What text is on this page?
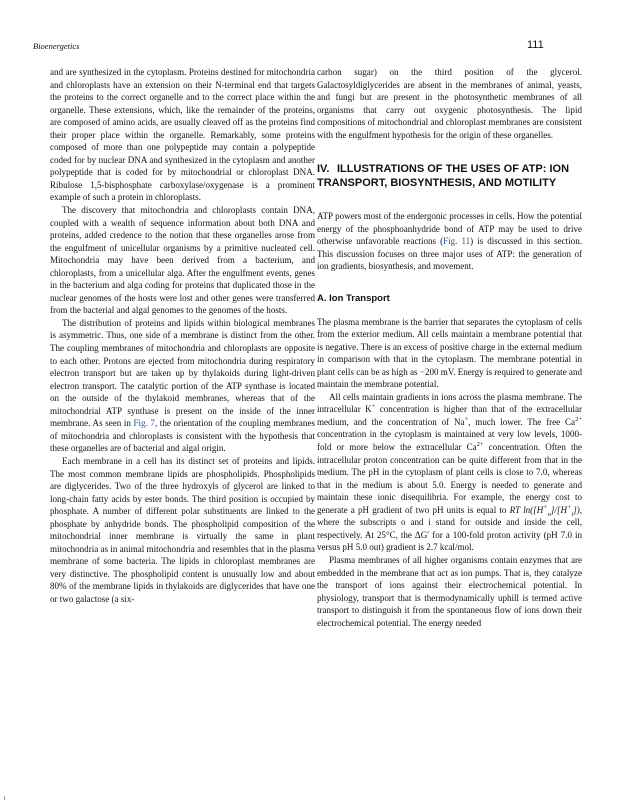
Bioenergetics	111

and are synthesized in the cytoplasm. Proteins destined for mitochondria and chloroplasts have an extension on their N-terminal end that targets the proteins to the correct organelle and to the correct place within the organelle. These extensions, which, like the remainder of the proteins, are composed of amino acids, are usually cleaved off as the proteins find their proper place within the organelle. Remarkably, some proteins composed of more than one polypeptide may contain a polypeptide coded for by nuclear DNA and synthesized in the cytoplasm and another polypeptide that is coded for by mitochondrial or chloroplast DNA. Ribulose 1,5-bisphosphate carboxylase/oxygenase is a prominent example of such a protein in chloroplasts.

The discovery that mitochondria and chloroplasts contain DNA, coupled with a wealth of sequence information about both DNA and proteins, added credence to the notion that these organelles arose from the engulfment of unicellular organisms by a primitive nucleated cell. Mitochondria may have been derived from a bacterium, and chloroplasts, from a unicellular alga. After the engulfment events, genes in the bacterium and alga coding for proteins that duplicated those in the nuclear genomes of the hosts were lost and other genes were transferred from the bacterial and algal genomes to the genomes of the hosts.

The distribution of proteins and lipids within biological membranes is asymmetric. Thus, one side of a membrane is distinct from the other. The coupling membranes of mitochondria and chloroplasts are opposite to each other. Protons are ejected from mitochondria during respiratory electron transport but are taken up by thylakoids during light-driven electron transport. The catalytic portion of the ATP synthase is located on the outside of the thylakoid membranes, whereas that of the mitochondrial ATP synthase is present on the inside of the inner membrane. As seen in Fig. 7, the orientation of the coupling membranes of mitochondria and chloroplasts is consistent with the hypothesis that these organelles are of bacterial and algal origin.

Each membrane in a cell has its distinct set of proteins and lipids. The most common membrane lipids are phospholipids. Phospholipids are diglycerides. Two of the three hydroxyls of glycerol are linked to long-chain fatty acids by ester bonds. The third position is occupied by phosphate. A number of different polar substituents are linked to the phosphate by anhydride bonds. The phospholipid composition of the mitochondrial inner membrane is virtually the same in plant mitochondria as in animal mitochondria and resembles that in the plasma membrane of some bacteria. The lipids in chloroplast membranes are very distinctive. The phospholipid content is unusually low and about 80% of the membrane lipids in thylakoids are diglycerides that have one or two galactose (a six-

carbon sugar) on the third position of the glycerol. Galactosyldiglycerides are absent in the membranes of animal, yeasts, and fungi but are present in the photosynthetic membranes of all organisms that carry out oxygenic photosynthesis. The lipid compositions of mitochondrial and chloroplast membranes are consistent with the engulfment hypothesis for the origin of these organelles.

IV. ILLUSTRATIONS OF THE USES OF ATP: ION TRANSPORT, BIOSYNTHESIS, AND MOTILITY

ATP powers most of the endergonic processes in cells. How the potential energy of the phosphoanhydride bond of ATP may be used to drive otherwise unfavorable reactions (Fig. 11) is discussed in this section. This discussion focuses on three major uses of ATP: the generation of ion gradients, biosynthesis, and movement.

A. Ion Transport

The plasma membrane is the barrier that separates the cytoplasm of cells from the exterior medium. All cells maintain a membrane potential that is negative. There is an excess of positive charge in the external medium in comparison with that in the cytoplasm. The membrane potential in plant cells can be as high as −200 mV. Energy is required to generate and maintain the membrane potential.

All cells maintain gradients in ions across the plasma membrane. The intracellular K+ concentration is higher than that of the extracellular medium, and the concentration of Na+, much lower. The free $Ca^{2+}$ concentration in the cytoplasm is maintained at very low levels, 1000-fold or more below the extracellular $Ca^{2+}$ concentration. Often the intracellular proton concentration can be quite different from that in the medium. The pH in the cytoplasm of plant cells is close to 7.0, whereas that in the medium is about 5.0. Energy is needed to generate and maintain these ionic disequilibria. For example, the energy cost to generate a pH gradient of two pH units is equal to RT $\ln([H^+_o]/[H^+_i])$, where the subscripts o and i stand for outside and inside the cell, respectively. At 25°C, the ΔG′ for a 100-fold proton activity (pH 7.0 in versus pH 5.0 out) gradient is 2.7 kcal/mol.

Plasma membranes of all higher organisms contain enzymes that are embedded in the membrane that act as ion pumps. That is, they catalyze the transport of ions against their electrochemical potential. In physiology, transport that is thermodynamically uphill is termed active transport to distinguish it from the spontaneous flow of ions down their electrochemical potential. The energy needed
